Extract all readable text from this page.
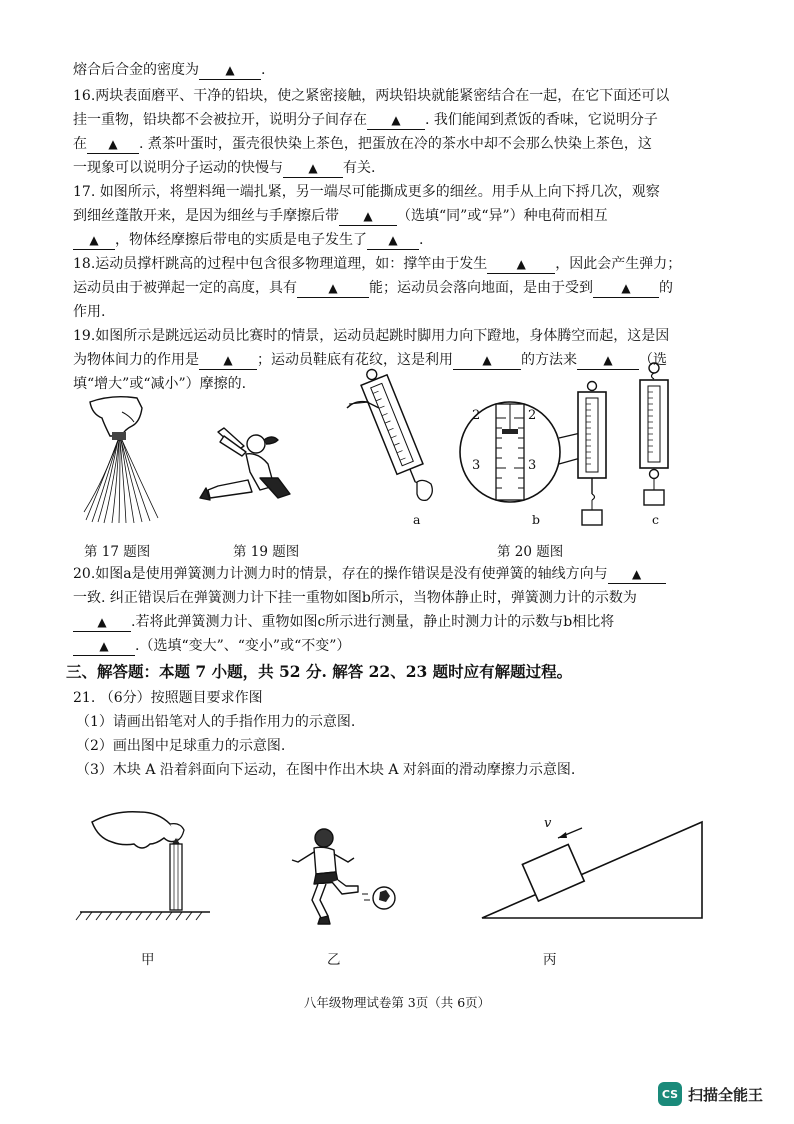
熔合后合金的密度为 ▲ .
16.两块表面磨平、干净的铅块，使之紧密接触，两块铅块就能紧密结合在一起，在它下面还可以
挂一重物，铅块都不会被拉开，说明分子间存在 ▲ . 我们能闻到煮饭的香味，它说明分子
在 ▲ . 煮茶叶蛋时，蛋壳很快染上茶色，把蛋放在冷的茶水中却不会那么快染上茶色，这
一现象可以说明分子运动的快慢与 ▲ 有关.
17. 如图所示，将塑料绳一端扎紧，另一端尽可能撕成更多的细丝。用手从上向下捋几次，观察
到细丝蓬散开来，是因为细丝与手摩擦后带 ▲ （选填“同”或“异”）种电荷而相互
▲ ，物体经摩擦后带电的实质是电子发生了 ▲ .
18.运动员撑杆跳高的过程中包含很多物理道理，如：撑竿由于发生 ▲ ，因此会产生弹力；
运动员由于被弹起一定的高度，具有	▲ 能；运动员会落向地面，是由于受到 ▲ 的
作用.
19.如图所示是跳远运动员比赛时的情景，运动员起跳时脚用力向下蹬地，身体腾空而起，这是因
为物体间力的作用是 ▲ ；运动员鞋底有花纹，这是利用 ▲ 的方法来 ▲ （选
填“增大”或“减小”）摩擦的.
第 17 题图	第 19 题图
a
2	2
3	3
b	c
第 20 题图
20.如图a是使用弹簧测力计测力时的情景，存在的操作错误是没有使弹簧的轴线方向与 ▲
一致. 纠正错误后在弹簧测力计下挂一重物如图b所示，当物体静止时，弹簧测力计的示数为
▲ .若将此弹簧测力计、重物如图c所示进行测量，静止时测力计的示数与b相比将
▲ .（选填“变大”、“变小”或“不变”）
三、解答题：本题 7 小题，共 52 分. 解答 22、23 题时应有解题过程。
21. （6分）按照题目要求作图
（1）请画出铅笔对人的手指作用力的示意图.
（2）画出图中足球重力的示意图.
（3）木块 A 沿着斜面向下运动，在图中作出木块 A 对斜面的滑动摩擦力示意图.
甲	乙
v
丙
八年级物理试卷第 3页（共 6页）
CS 扫描全能王
